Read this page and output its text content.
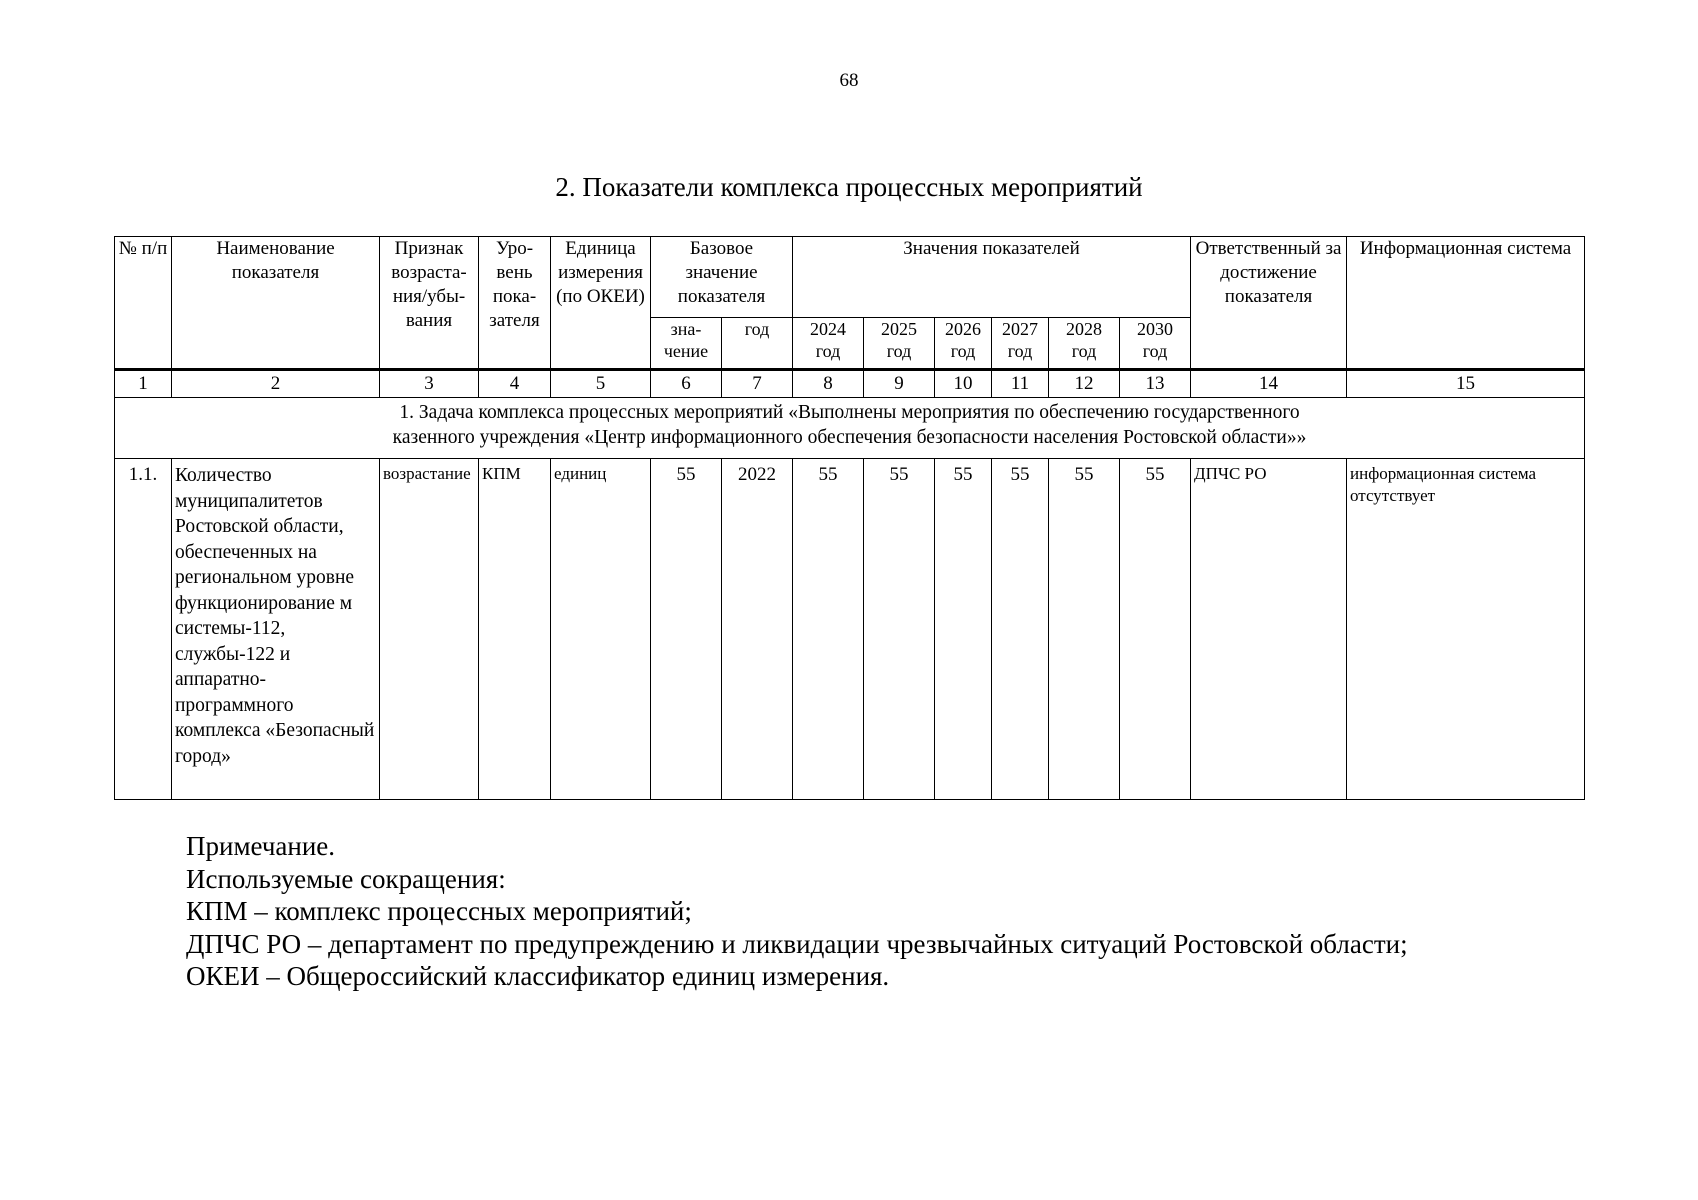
68
2. Показатели комплекса процессных мероприятий
№ п/п	Наименование показателя	Признак возрастания/убывания	Уровень показателя	Единица измерения (по ОКЕИ)	Базовое значение показателя		Значения показателей						Ответственный за достижение показателя	Информационная система
					значение	год	2024 год	2025 год	2026 год	2027 год	2028 год	2030 год		
1	2	3	4	5	6	7	8	9	10	11	12	13	14	15

1. Задача комплекса процессных мероприятий «Выполнены мероприятия по обеспечению государственного
казенного учреждения «Центр информационного обеспечения безопасности населения Ростовской области»»														

1.1.	Количество муниципалитетов Ростовской области, обеспеченных на региональном уровне функционирование м системы-112, службы-122 и аппаратно-программного комплекса «Безопасный город»	возрастание	КПМ	единиц	55	2022	55	55	55	55	55	55	ДПЧС РО	информационная система отсутствует
Примечание.
Используемые сокращения:
КПМ – комплекс процессных мероприятий;
ДПЧС РО – департамент по предупреждению и ликвидации чрезвычайных ситуаций Ростовской области;
ОКЕИ – Общероссийский классификатор единиц измерения.
